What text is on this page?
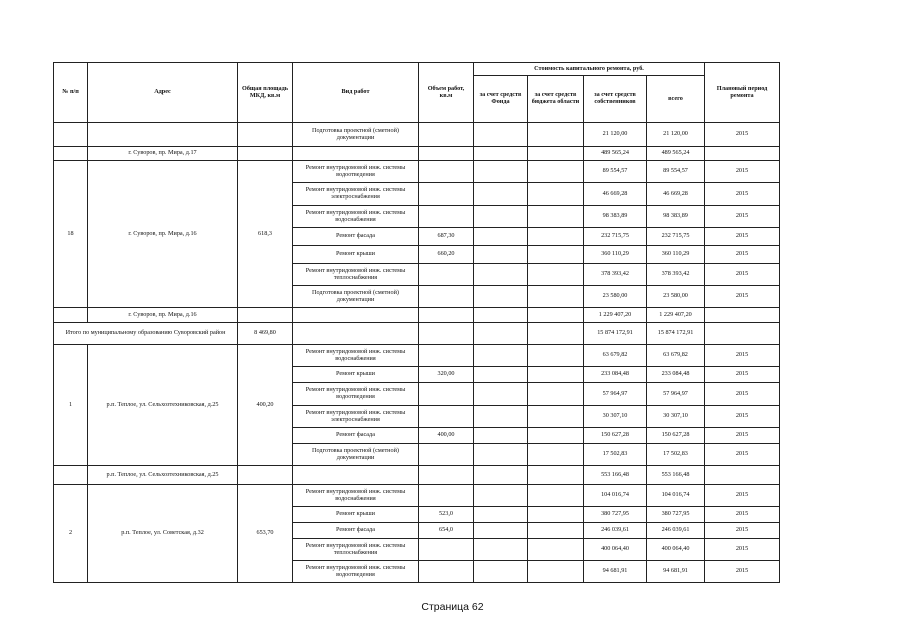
№ п/п	Адрес	Общая площадь МКД, кв.м	Вид работ	Объем работ, кв.м	Стоимость капитального ремонта, руб.				Плановый период ремонта
					за счет средств Фонда	за счет средств бюджета области	за счет средств собственников	всего	
			Подготовка проектной (сметной) документации				21 120,00	21 120,00	2015
	г. Суворов, пр. Мира, д.17						489 565,24	489 565,24	
18	г. Суворов, пр. Мира, д.16	618,3	Ремонт внутридомовой инж. системы водоотведения				89 554,57	89 554,57	2015
			Ремонт внутридомовой инж. системы электроснабжения				46 669,28	46 669,28	2015
			Ремонт внутридомовой инж. системы водоснабжения				98 383,89	98 383,89	2015
			Ремонт фасада	687,30			232 715,75	232 715,75	2015
			Ремонт крыши	660,20			360 110,29	360 110,29	2015
			Ремонт внутридомовой инж. системы теплоснабжения				378 393,42	378 393,42	2015
			Подготовка проектной (сметной) документации				23 580,00	23 580,00	2015
	г. Суворов, пр. Мира, д.16						1 229 407,20	1 229 407,20	
Итого по муниципальному образованию Суворовский район		8 469,80					15 874 172,91	15 874 172,91	
1	р.п. Теплое, ул. Сельхозтехниковская, д.25	400,20	Ремонт внутридомовой инж. системы водоснабжения				63 679,82	63 679,82	2015
			Ремонт крыши	320,00			233 084,48	233 084,48	2015
			Ремонт внутридомовой инж. системы водоотведения				57 964,97	57 964,97	2015
			Ремонт внутридомовой инж. системы электроснабжения				30 307,10	30 307,10	2015
			Ремонт фасада	400,00			150 627,28	150 627,28	2015
			Подготовка проектной (сметной) документации				17 502,83	17 502,83	2015
	р.п. Теплое, ул. Сельхозтехниковская, д.25						553 166,48	553 166,48	
2	р.п. Теплое, ул. Советская, д.32	653,70	Ремонт внутридомовой инж. системы водоснабжения				104 016,74	104 016,74	2015
			Ремонт крыши	523,0			380 727,95	380 727,95	2015
			Ремонт фасада	654,0			246 039,61	246 039,61	2015
			Ремонт внутридомовой инж. системы теплоснабжения				400 064,40	400 064,40	2015
			Ремонт внутридомовой инж. системы водоотведения				94 681,91	94 681,91	2015
Страница 62
